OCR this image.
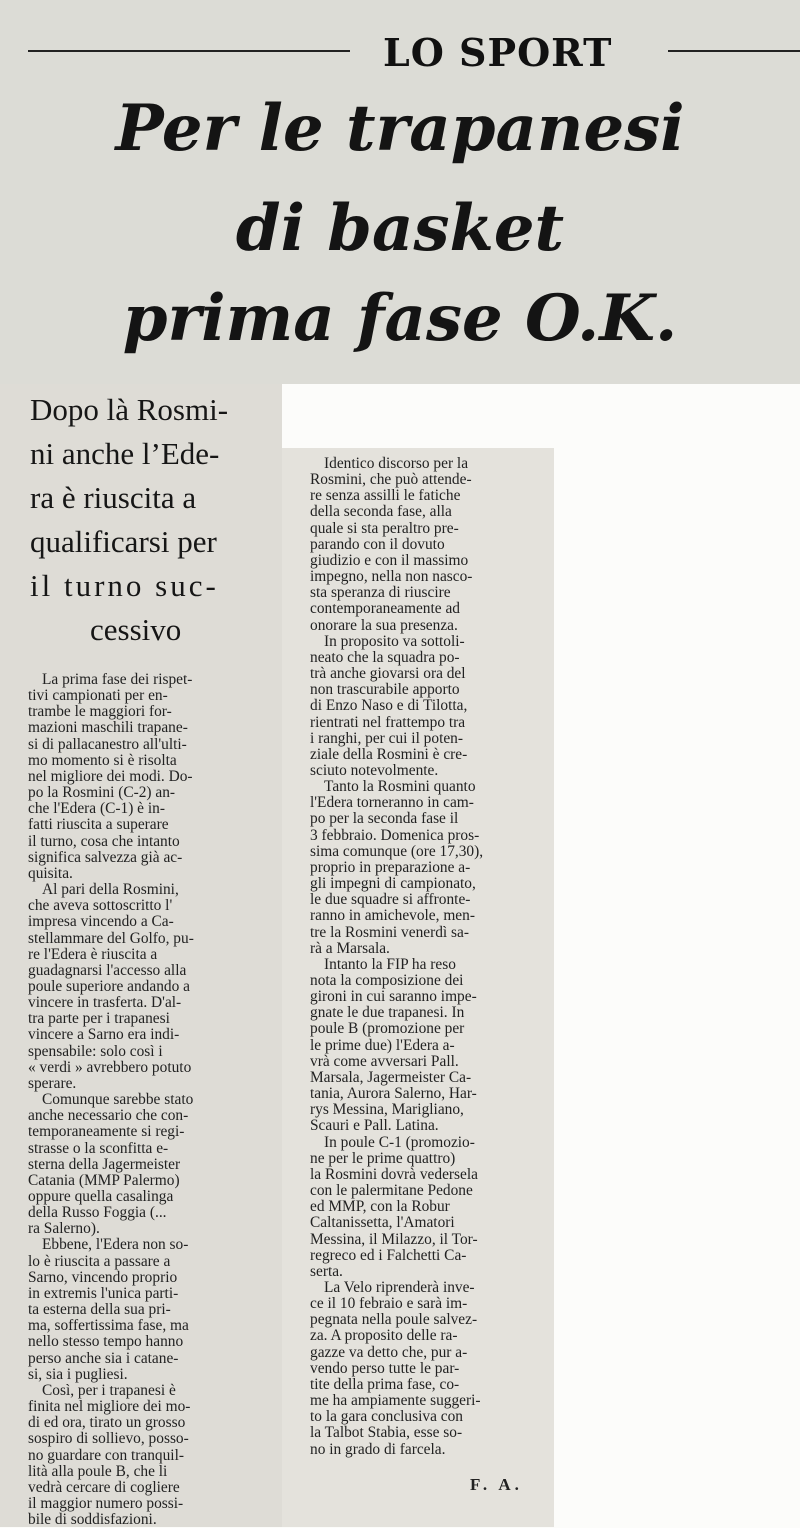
LO SPORT
Per le trapanesi
di basket
prima fase O.K.
Dopo là Rosmi-
ni anche l’Ede-
ra è riuscita a
qualificarsi per
il turno suc-
cessivo
La prima fase dei rispet-
tivi campionati per en-
trambe le maggiori for-
mazioni maschili trapane-
si di pallacanestro all'ulti-
mo momento si è risolta
nel migliore dei modi. Do-
po la Rosmini (C-2) an-
che l'Edera (C-1) è in-
fatti riuscita a superare
il turno, cosa che intanto
significa salvezza già ac-
quisita.
Al pari della Rosmini,
che aveva sottoscritto l'
impresa vincendo a Ca-
stellammare del Golfo, pu-
re l'Edera è riuscita a
guadagnarsi l'accesso alla
poule superiore andando a
vincere in trasferta. D'al-
tra parte per i trapanesi
vincere a Sarno era indi-
spensabile: solo così i
« verdi » avrebbero potuto
sperare.
Comunque sarebbe stato
anche necessario che con-
temporaneamente si regi-
strasse o la sconfitta e-
sterna della Jagermeister
Catania (MMP Palermo)
oppure quella casalinga
della Russo Foggia (...
ra Salerno).
Ebbene, l'Edera non so-
lo è riuscita a passare a
Sarno, vincendo proprio
in extremis l'unica parti-
ta esterna della sua pri-
ma, soffertissima fase, ma
nello stesso tempo hanno
perso anche sia i catane-
si, sia i pugliesi.
Così, per i trapanesi è
finita nel migliore dei mo-
di ed ora, tirato un grosso
sospiro di sollievo, posso-
no guardare con tranquil-
lità alla poule B, che li
vedrà cercare di cogliere
il maggior numero possi-
bile di soddisfazioni.
Identico discorso per la
Rosmini, che può attende-
re senza assilli le fatiche
della seconda fase, alla
quale si sta peraltro pre-
parando con il dovuto
giudizio e con il massimo
impegno, nella non nasco-
sta speranza di riuscire
contemporaneamente ad
onorare la sua presenza.
In proposito va sottoli-
neato che la squadra po-
trà anche giovarsi ora del
non trascurabile apporto
di Enzo Naso e di Tilotta,
rientrati nel frattempo tra
i ranghi, per cui il poten-
ziale della Rosmini è cre-
sciuto notevolmente.
Tanto la Rosmini quanto
l'Edera torneranno in cam-
po per la seconda fase il
3 febbraio. Domenica pros-
sima comunque (ore 17,30),
proprio in preparazione a-
gli impegni di campionato,
le due squadre si affronte-
ranno in amichevole, men-
tre la Rosmini venerdì sa-
rà a Marsala.
Intanto la FIP ha reso
nota la composizione dei
gironi in cui saranno impe-
gnate le due trapanesi. In
poule B (promozione per
le prime due) l'Edera a-
vrà come avversari Pall.
Marsala, Jagermeister Ca-
tania, Aurora Salerno, Har-
rys Messina, Marigliano,
Scauri e Pall. Latina.
In poule C-1 (promozio-
ne per le prime quattro)
la Rosmini dovrà vedersela
con le palermitane Pedone
ed MMP, con la Robur
Caltanissetta, l'Amatori
Messina, il Milazzo, il Tor-
regreco ed i Falchetti Ca-
serta.
La Velo riprenderà inve-
ce il 10 febraio e sarà im-
pegnata nella poule salvez-
za. A proposito delle ra-
gazze va detto che, pur a-
vendo perso tutte le par-
tite della prima fase, co-
me ha ampiamente suggeri-
to la gara conclusiva con
la Talbot Stabia, esse so-
no in grado di farcela.
F. A.
